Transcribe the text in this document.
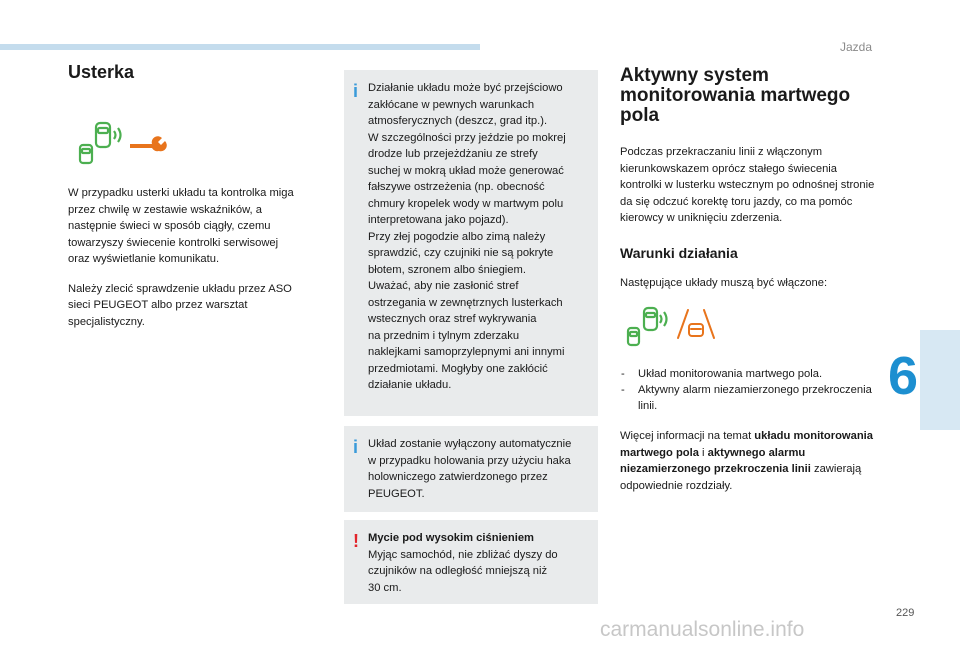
Jazda
6
Usterka

W przypadku usterki układu ta kontrolka miga przez chwilę w zestawie wskaźników, a następnie świeci w sposób ciągły, czemu towarzyszy świecenie kontrolki serwisowej oraz wyświetlanie komunikatu.

Należy zlecić sprawdzenie układu przez ASO sieci PEUGEOT albo przez warsztat specjalistyczny.

i Działanie układu może być przejściowo
zakłócane w pewnych warunkach
atmosferycznych (deszcz, grad itp.).
W szczególności przy jeździe po mokrej
drodze lub przejeżdżaniu ze strefy
suchej w mokrą układ może generować
fałszywe ostrzeżenia (np. obecność
chmury kropelek wody w martwym polu
interpretowana jako pojazd).
Przy złej pogodzie albo zimą należy
sprawdzić, czy czujniki nie są pokryte
błotem, szronem albo śniegiem.
Uważać, aby nie zasłonić stref
ostrzegania w zewnętrznych lusterkach
wstecznych oraz stref wykrywania
na przednim i tylnym zderzaku
naklejkami samoprzylepnymi ani innymi
przedmiotami. Mogłyby one zakłócić
działanie układu.
i Układ zostanie wyłączony automatycznie
w przypadku holowania przy użyciu haka
holowniczego zatwierdzonego przez
PEUGEOT.
! Mycie pod wysokim ciśnieniem
Myjąc samochód, nie zbliżać dyszy do
czujników na odległość mniejszą niż
30 cm.
Aktywny system
monitorowania martwego
pola

Podczas przekraczaniu linii z włączonym kierunkowskazem oprócz stałego świecenia kontrolki w lusterku wstecznym po odnośnej stronie da się odczuć korektę toru jazdy, co ma pomóc kierowcy w uniknięciu zderzenia.

Warunki działania

Następujące układy muszą być włączone:

- Układ monitorowania martwego pola.
- Aktywny alarm niezamierzonego przekroczenia linii.

Więcej informacji na temat układu monitorowania martwego pola i aktywnego alarmu niezamierzonego przekroczenia linii zawierają odpowiednie rozdziały.

229
carmanualsonline.info
